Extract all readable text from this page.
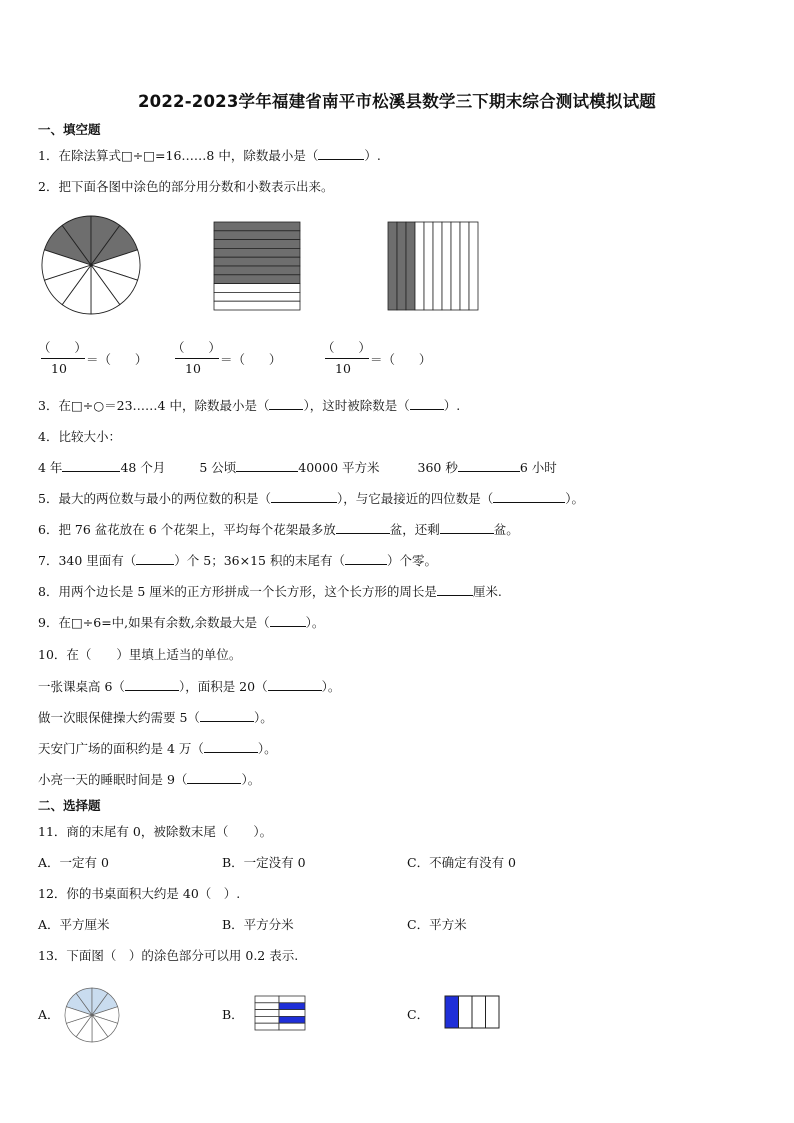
2022-2023学年福建省南平市松溪县数学三下期末综合测试模拟试题
一、填空题
1．在除法算式□÷□=16……8 中，除数最小是（	）.
2．把下面各图中涂色的部分用分数和小数表示出来。
（ ）
10
＝（ ）
（ ）
10
＝（ ）
（ ）
10
＝（ ）
3．在□÷○＝23……4 中，除数最小是（	），这时被除数是（	）.
4．比较大小：
4 年	48 个月	5 公顷	40000 平方米	360 秒	6 小时
5．最大的两位数与最小的两位数的积是（	），与它最接近的四位数是（	）。
6．把 76 盆花放在 6 个花架上，平均每个花架最多放	盆，还剩	盆。
7．340 里面有（	）个 5；36×15 积的末尾有（	）个零。
8．用两个边长是 5 厘米的正方形拼成一个长方形，这个长方形的周长是	厘米.
9．在□÷6=中,如果有余数,余数最大是（	）。
10．在（　　）里填上适当的单位。
一张课桌高 6（	），面积是 20（	）。
做一次眼保健操大约需要 5（	）。
天安门广场的面积约是 4 万（	）。
小亮一天的睡眠时间是 9（	）。
二、选择题
11．商的末尾有 0，被除数末尾（　　）。
A．一定有 0	B．一定没有 0	C．不确定有没有 0
12．你的书桌面积大约是 40（　）.
A．平方厘米	B．平方分米	C．平方米
13．下面图（　）的涂色部分可以用 0.2 表示.
A．	B．	C．
